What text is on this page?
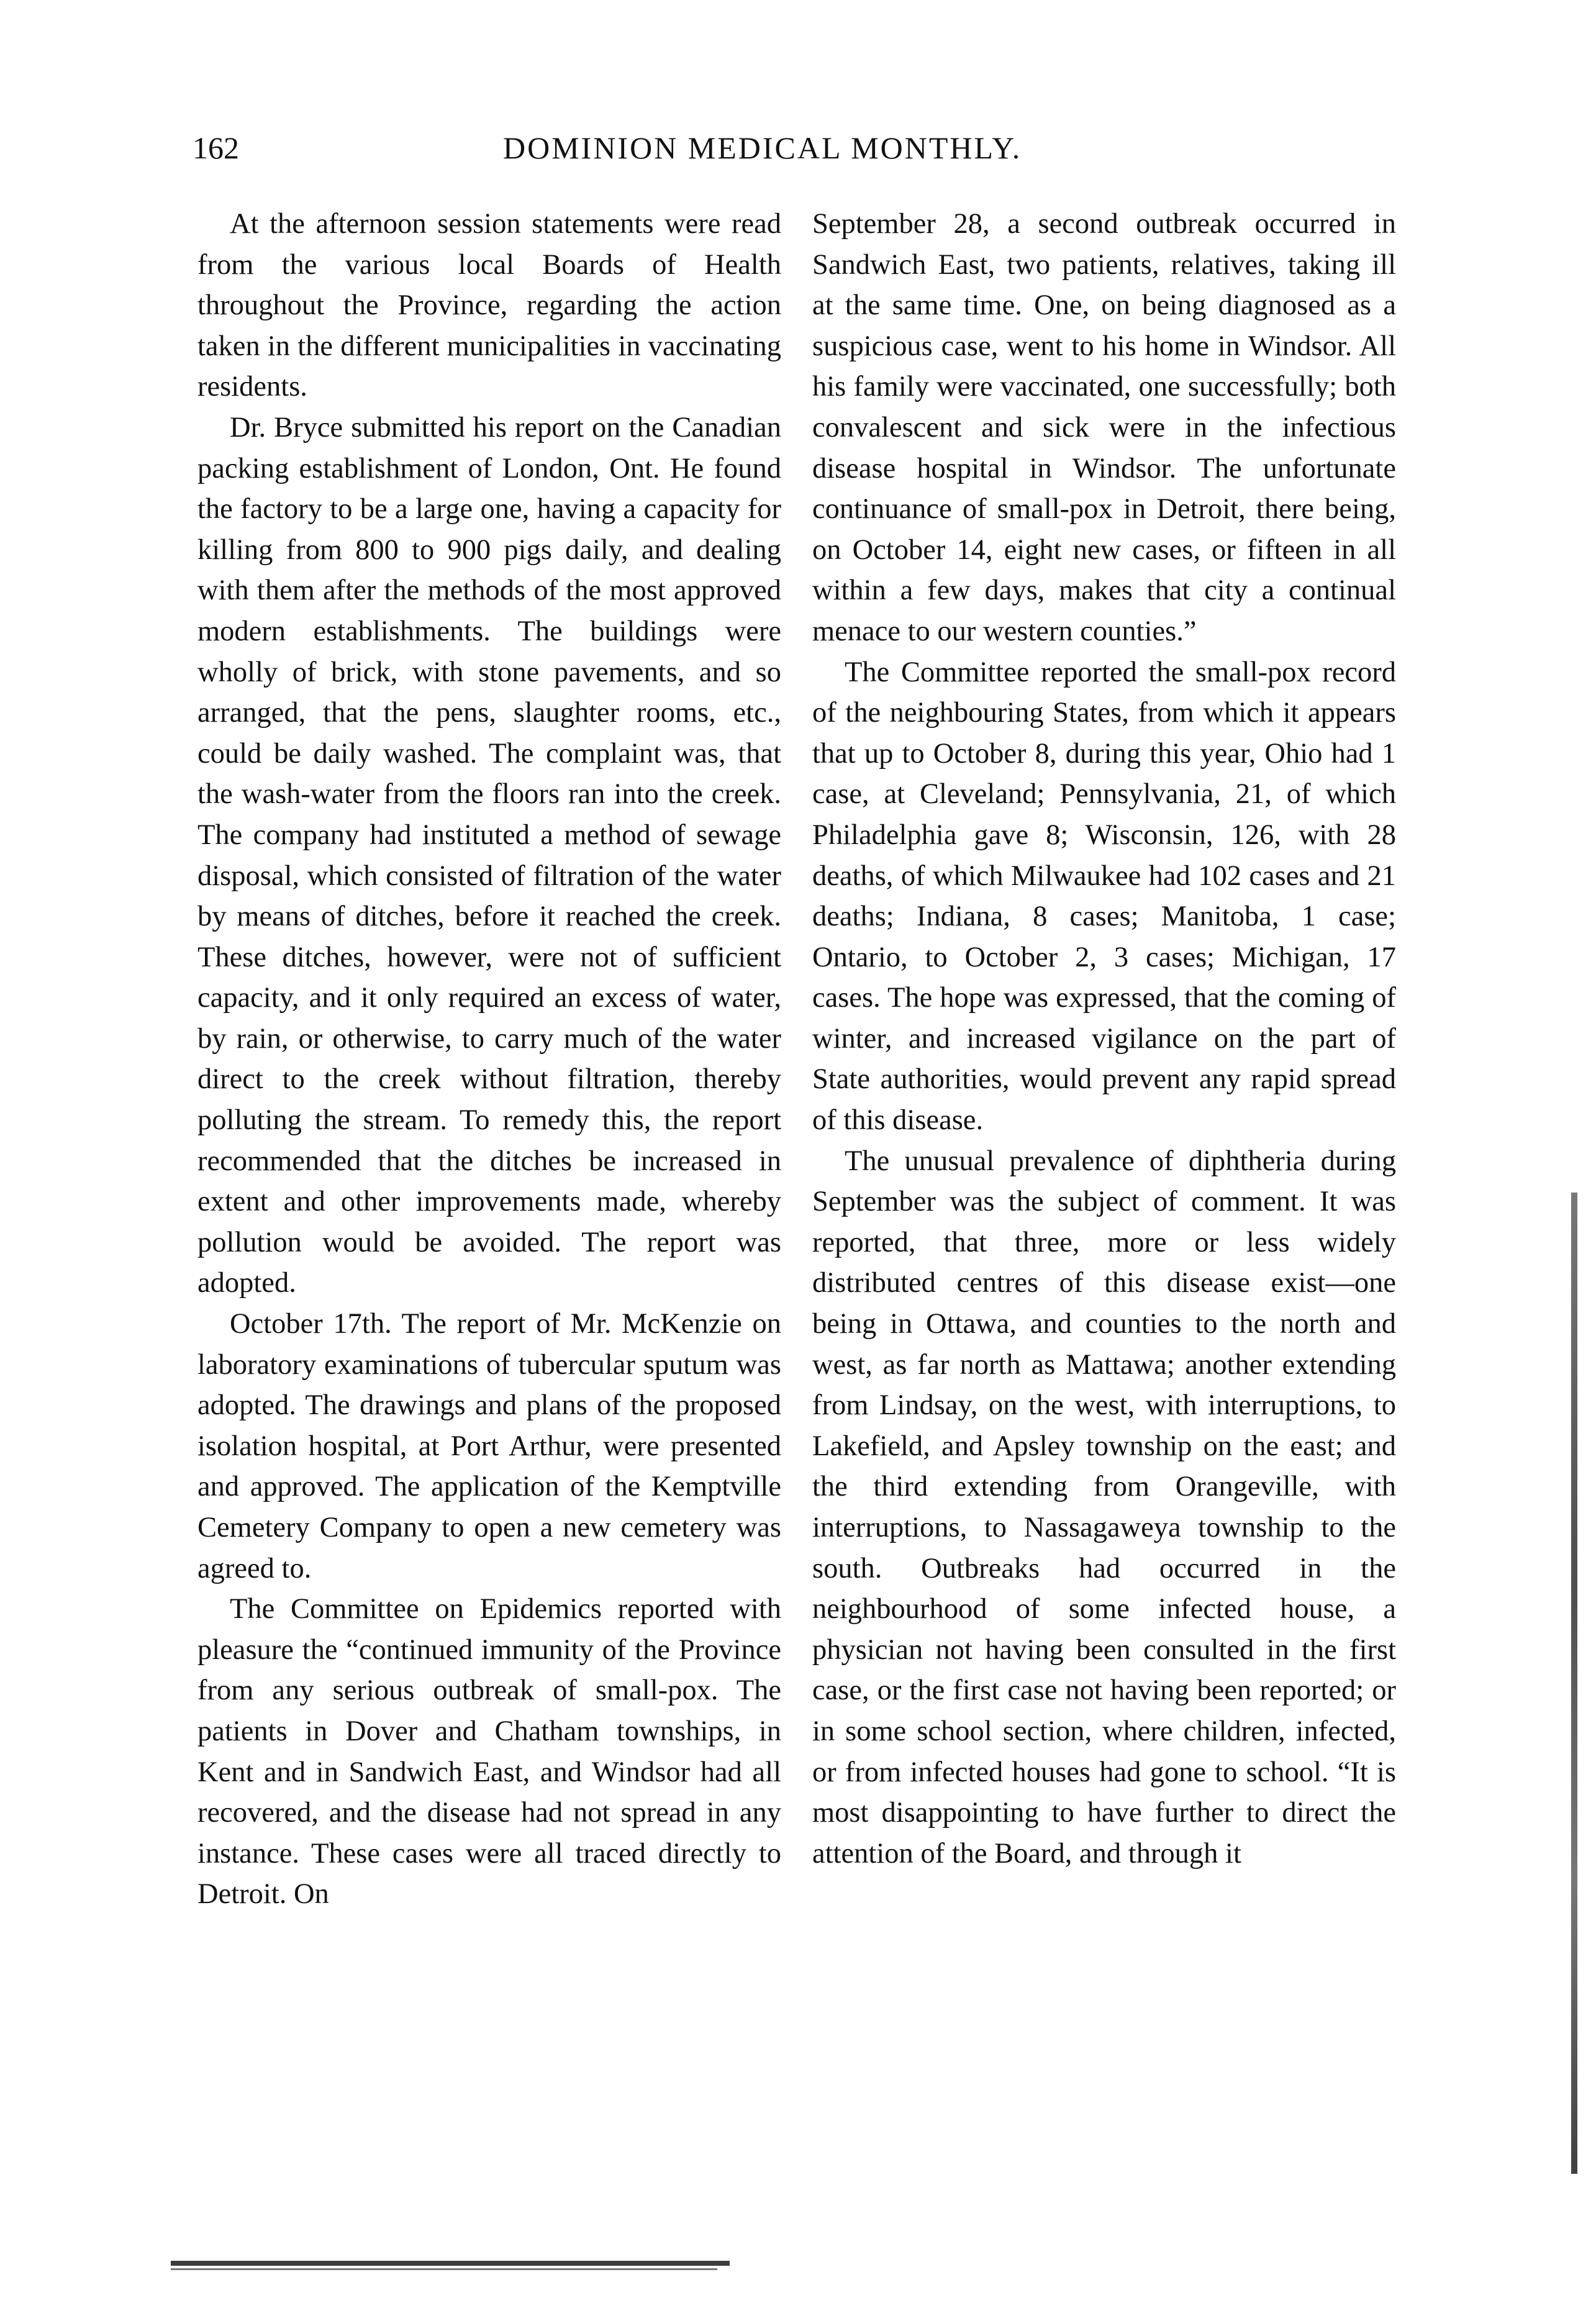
162	DOMINION MEDICAL MONTHLY.

At the afternoon session statements were read from the various local Boards of Health throughout the Province, regarding the action taken in the different municipalities in vaccinating residents.

Dr. Bryce submitted his report on the Canadian packing establishment of London, Ont. He found the factory to be a large one, having a capacity for killing from 800 to 900 pigs daily, and dealing with them after the methods of the most approved modern establishments. The buildings were wholly of brick, with stone pavements, and so arranged, that the pens, slaughter rooms, etc., could be daily washed. The complaint was, that the wash-water from the floors ran into the creek. The company had instituted a method of sewage disposal, which consisted of filtration of the water by means of ditches, before it reached the creek. These ditches, however, were not of sufficient capacity, and it only required an excess of water, by rain, or otherwise, to carry much of the water direct to the creek without filtration, thereby polluting the stream. To remedy this, the report recommended that the ditches be increased in extent and other improvements made, whereby pollution would be avoided. The report was adopted.

October 17th. The report of Mr. McKenzie on laboratory examinations of tubercular sputum was adopted. The drawings and plans of the proposed isolation hospital, at Port Arthur, were presented and approved. The application of the Kemptville Cemetery Company to open a new cemetery was agreed to.

The Committee on Epidemics reported with pleasure the “continued immunity of the Province from any serious outbreak of small-pox. The patients in Dover and Chatham townships, in Kent and in Sandwich East, and Windsor had all recovered, and the disease had not spread in any instance. These cases were all traced directly to Detroit. On

September 28, a second outbreak occurred in Sandwich East, two patients, relatives, taking ill at the same time. One, on being diagnosed as a suspicious case, went to his home in Windsor. All his family were vaccinated, one successfully; both convalescent and sick were in the infectious disease hospital in Windsor. The unfortunate continuance of small-pox in Detroit, there being, on October 14, eight new cases, or fifteen in all within a few days, makes that city a continual menace to our western counties.”

The Committee reported the small-pox record of the neighbouring States, from which it appears that up to October 8, during this year, Ohio had 1 case, at Cleveland; Pennsylvania, 21, of which Philadelphia gave 8; Wisconsin, 126, with 28 deaths, of which Milwaukee had 102 cases and 21 deaths; Indiana, 8 cases; Manitoba, 1 case; Ontario, to October 2, 3 cases; Michigan, 17 cases. The hope was expressed, that the coming of winter, and increased vigilance on the part of State authorities, would prevent any rapid spread of this disease.

The unusual prevalence of diphtheria during September was the subject of comment. It was reported, that three, more or less widely distributed centres of this disease exist—one being in Ottawa, and counties to the north and west, as far north as Mattawa; another extending from Lindsay, on the west, with interruptions, to Lakefield, and Apsley township on the east; and the third extending from Orangeville, with interruptions, to Nassagaweya township to the south. Outbreaks had occurred in the neighbourhood of some infected house, a physician not having been consulted in the first case, or the first case not having been reported; or in some school section, where children, infected, or from infected houses had gone to school. “It is most disappointing to have further to direct the attention of the Board, and through it
